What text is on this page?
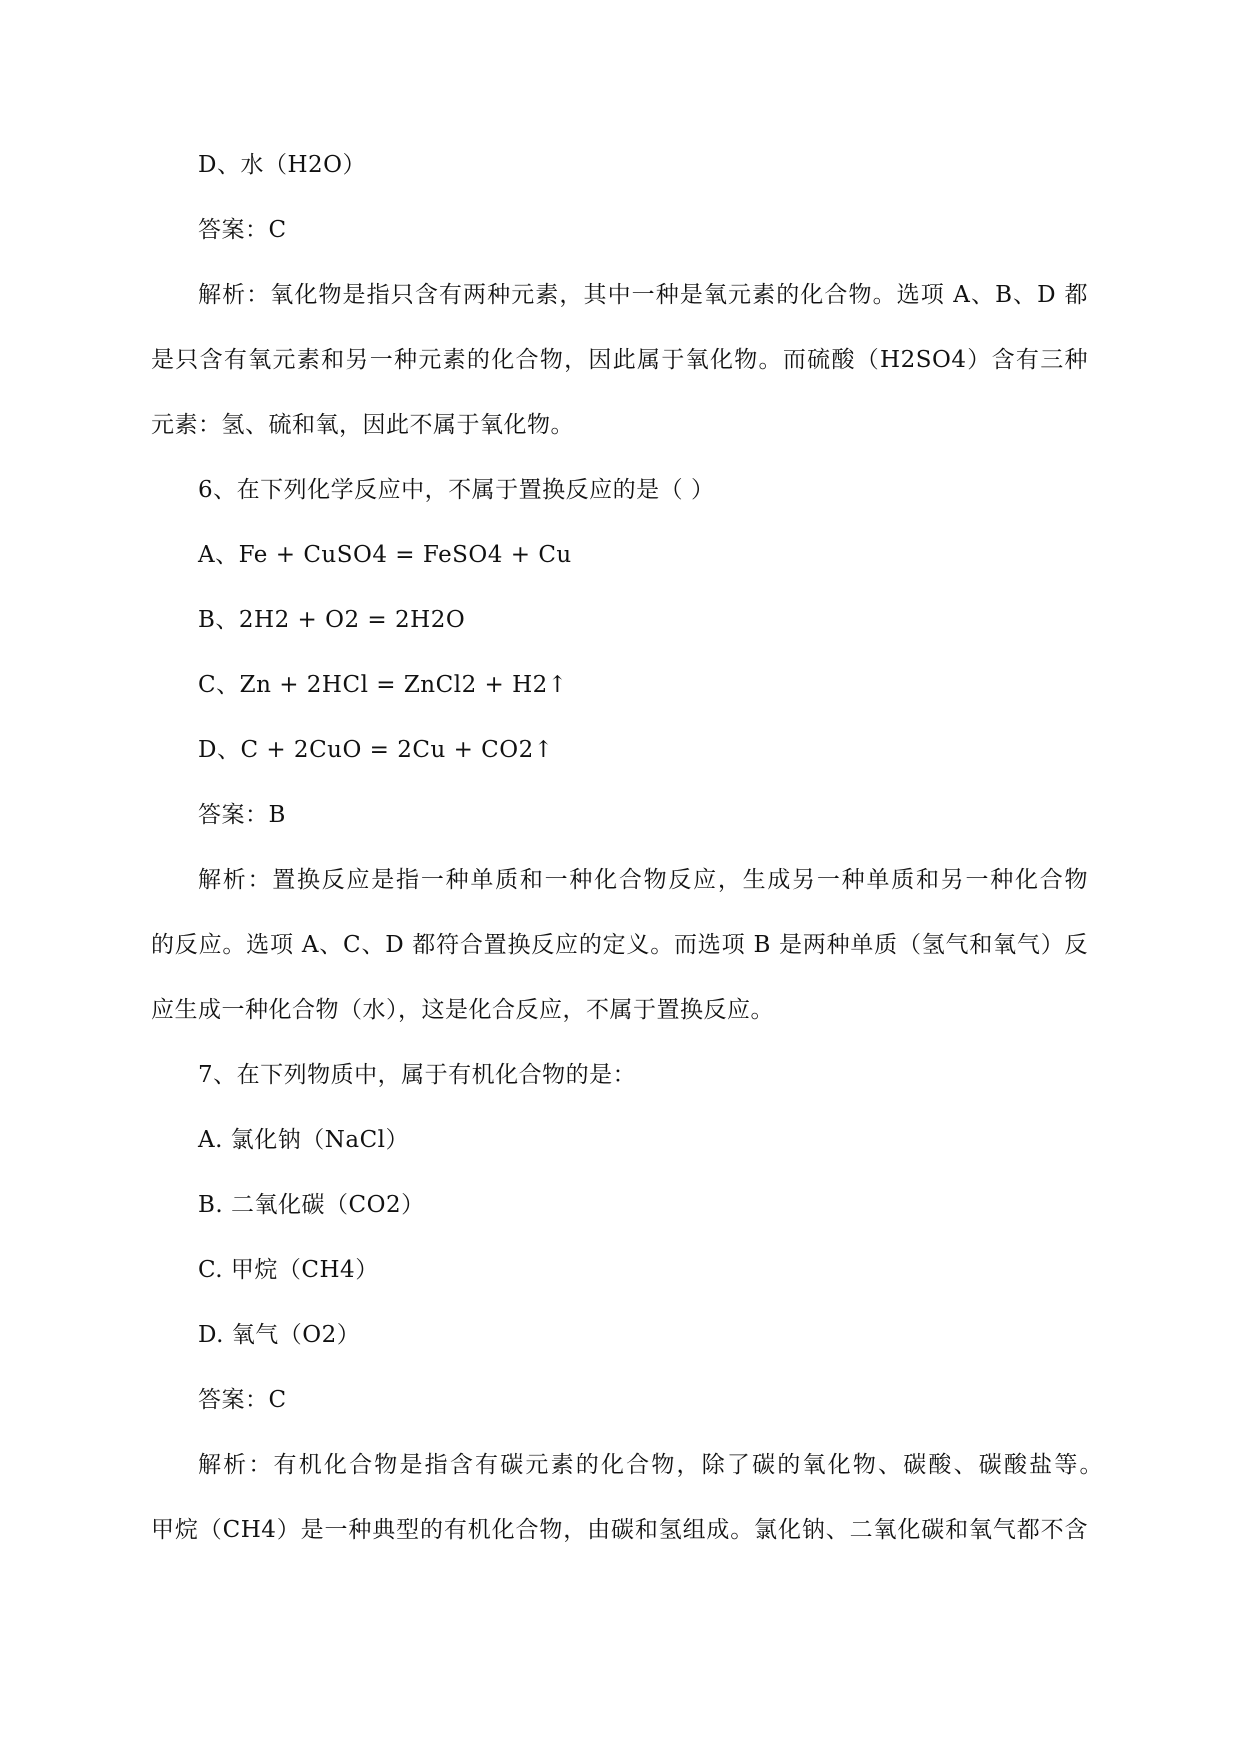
D、水（H2O）
答案：C
解析：氧化物是指只含有两种元素，其中一种是氧元素的化合物。选项 A、B、D 都
是只含有氧元素和另一种元素的化合物，因此属于氧化物。而硫酸（H2SO4）含有三种
元素：氢、硫和氧，因此不属于氧化物。
6、在下列化学反应中，不属于置换反应的是（ ）
A、Fe + CuSO4 = FeSO4 + Cu
B、2H2 + O2 = 2H2O
C、Zn + 2HCl = ZnCl2 + H2↑
D、C + 2CuO = 2Cu + CO2↑
答案：B
解析：置换反应是指一种单质和一种化合物反应，生成另一种单质和另一种化合物
的反应。选项 A、C、D 都符合置换反应的定义。而选项 B 是两种单质（氢气和氧气）反
应生成一种化合物（水），这是化合反应，不属于置换反应。
7、在下列物质中，属于有机化合物的是：
A. 氯化钠（NaCl）
B. 二氧化碳（CO2）
C. 甲烷（CH4）
D. 氧气（O2）
答案：C
解析：有机化合物是指含有碳元素的化合物，除了碳的氧化物、碳酸、碳酸盐等。
甲烷（CH4）是一种典型的有机化合物，由碳和氢组成。氯化钠、二氧化碳和氧气都不含
